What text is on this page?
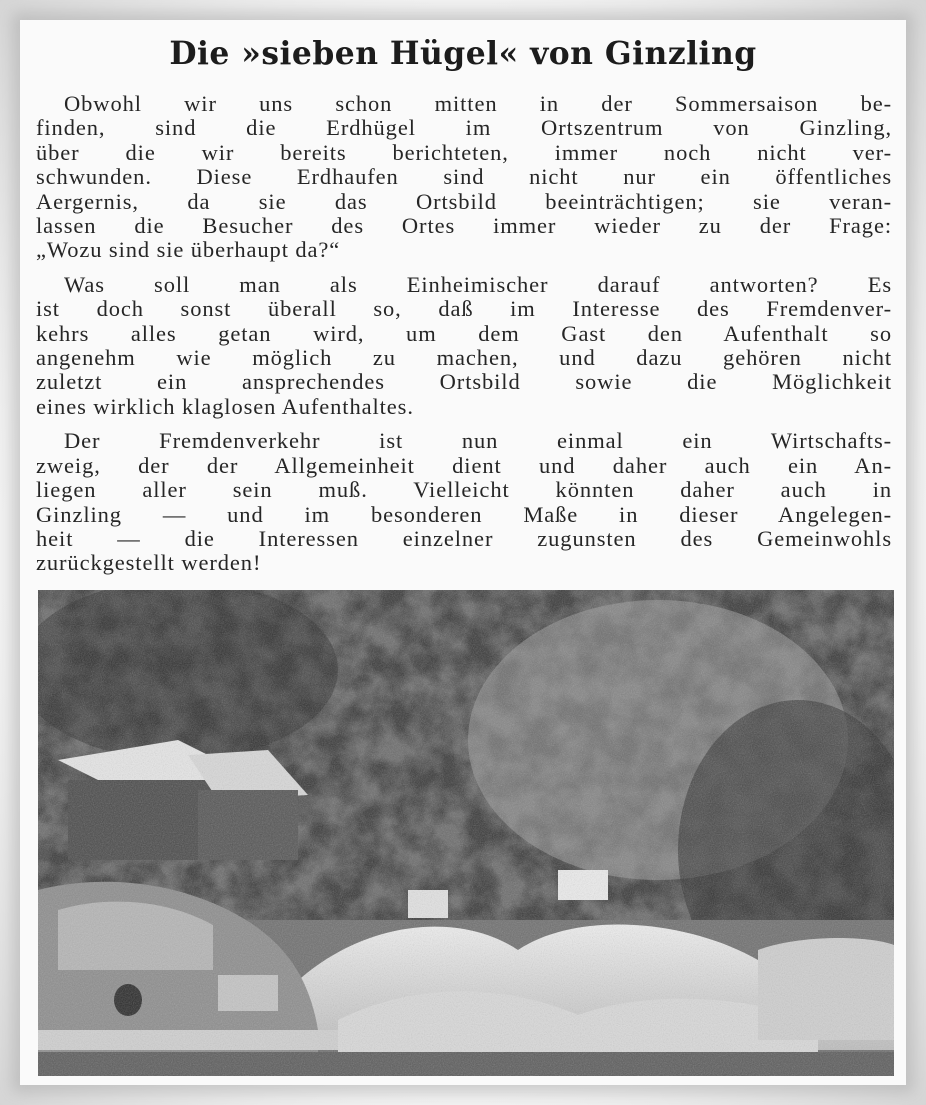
Die »sieben Hügel« von Ginzling

Obwohl wir uns schon mitten in der Sommersaison be-
finden, sind die Erdhügel im Ortszentrum von Ginzling,
über die wir bereits berichteten, immer noch nicht ver-
schwunden. Diese Erdhaufen sind nicht nur ein öffentliches
Aergernis, da sie das Ortsbild beeinträchtigen; sie veran-
lassen die Besucher des Ortes immer wieder zu der Frage:
„Wozu sind sie überhaupt da?“

Was soll man als Einheimischer darauf antworten? Es
ist doch sonst überall so, daß im Interesse des Fremdenver-
kehrs alles getan wird, um dem Gast den Aufenthalt so
angenehm wie möglich zu machen, und dazu gehören nicht
zuletzt ein ansprechendes Ortsbild sowie die Möglichkeit
eines wirklich klaglosen Aufenthaltes.

Der Fremdenverkehr ist nun einmal ein Wirtschafts-
zweig, der der Allgemeinheit dient und daher auch ein An-
liegen aller sein muß. Vielleicht könnten daher auch in
Ginzling — und im besonderen Maße in dieser Angelegen-
heit — die Interessen einzelner zugunsten des Gemeinwohls
zurückgestellt werden!
